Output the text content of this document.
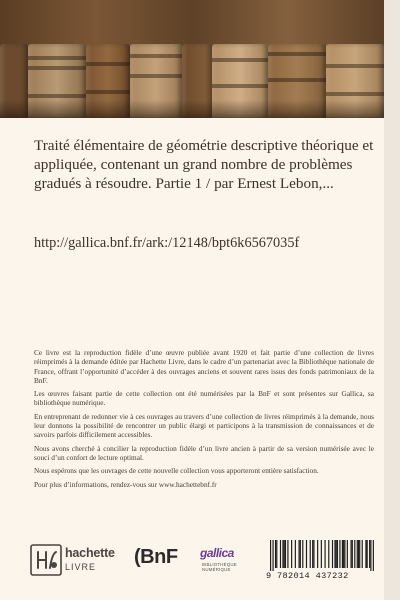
Traité élémentaire de géométrie descriptive théorique et appliquée, contenant un grand nombre de problèmes gradués à résoudre. Partie 1 / par Ernest Lebon,...

http://gallica.bnf.fr/ark:/12148/bpt6k6567035f

Ce livre est la reproduction fidèle d’une œuvre publiée avant 1920 et fait partie d’une collection de livres réimprimés à la demande éditée par Hachette Livre, dans le cadre d’un partenariat avec la Bibliothèque nationale de France, offrant l’opportunité d’accéder à des ouvrages anciens et souvent rares issus des fonds patrimoniaux de la BnF.

Les œuvres faisant partie de cette collection ont été numérisées par la BnF et sont présentes sur Gallica, sa bibliothèque numérique.

En entreprenant de redonner vie à ces ouvrages au travers d’une collection de livres réimprimés à la demande, nous leur donnons la possibilité de rencontrer un public élargi et participons à la transmission de connaissances et de savoirs parfois difficilement accessibles.

Nous avons cherché à concilier la reproduction fidèle d’un livre ancien à partir de sa version numérisée avec le souci d’un confort de lecture optimal.

Nous espérons que les ouvrages de cette nouvelle collection vous apporteront entière satisfaction.

Pour plus d’informations, rendez-vous sur www.hachettebnf.fr

hachette
LIVRE (BnF gallica
BIBLIOTHÈQUE NUMÉRIQUE
9 782014 437232
